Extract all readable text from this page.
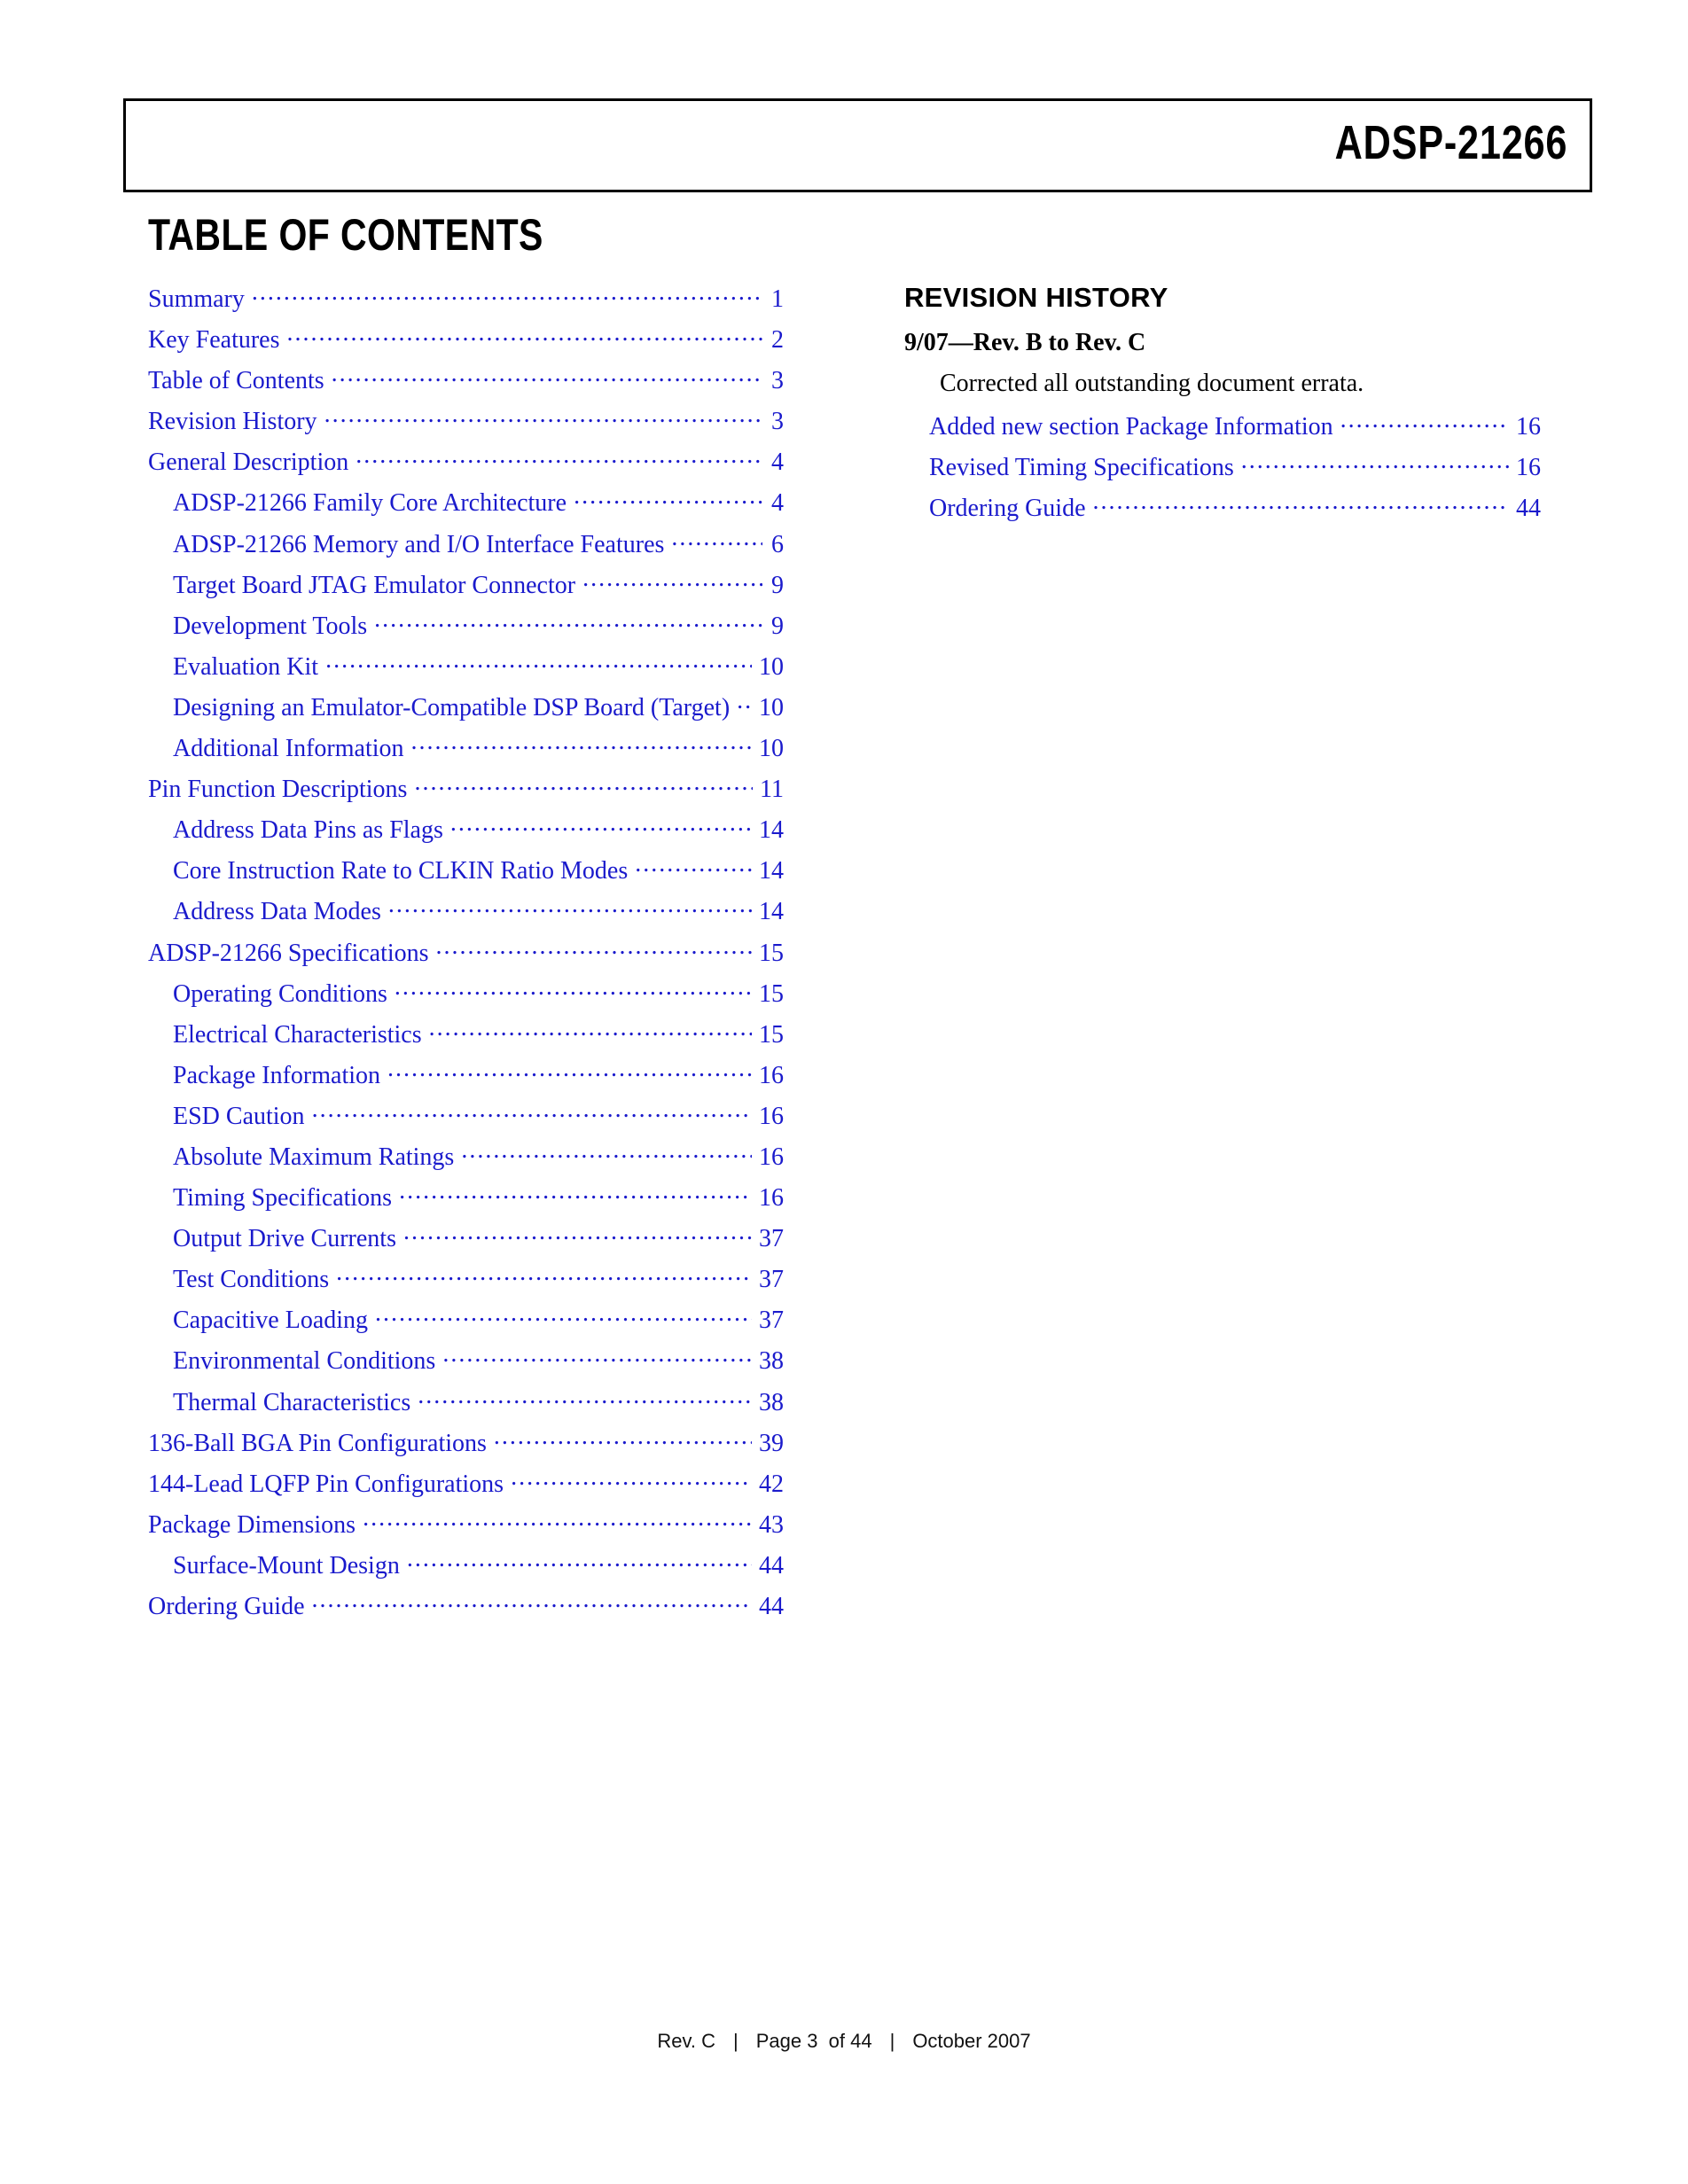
ADSP-21266
TABLE OF CONTENTS
Summary .....	1
Key Features .....	2
Table of Contents .....	3
Revision History .....	3
General Description .....	4
ADSP-21266 Family Core Architecture .....	4
ADSP-21266 Memory and I/O Interface Features .....	6
Target Board JTAG Emulator Connector .....	9
Development Tools .....	9
Evaluation Kit .....	10
Designing an Emulator-Compatible DSP Board (Target) ..... 10
Additional Information .....	10
Pin Function Descriptions .....	11
Address Data Pins as Flags .....	14
Core Instruction Rate to CLKIN Ratio Modes .....	14
Address Data Modes .....	14
ADSP-21266 Specifications .....	15
Operating Conditions .....	15
Electrical Characteristics .....	15
Package Information .....	16
ESD Caution .....	16
Absolute Maximum Ratings .....	16
Timing Specifications .....	16
Output Drive Currents .....	37
Test Conditions .....	37
Capacitive Loading .....	37
Environmental Conditions .....	38
Thermal Characteristics .....	38
136-Ball BGA Pin Configurations .....	39
144-Lead LQFP Pin Configurations .....	42
Package Dimensions .....	43
Surface-Mount Design .....	44
Ordering Guide .....	44
REVISION HISTORY
9/07—Rev. B to Rev. C
Corrected all outstanding document errata.
Added new section Package Information .....	16
Revised Timing Specifications .....	16
Ordering Guide .....	44
Rev. C | Page 3  of 44 | October 2007
